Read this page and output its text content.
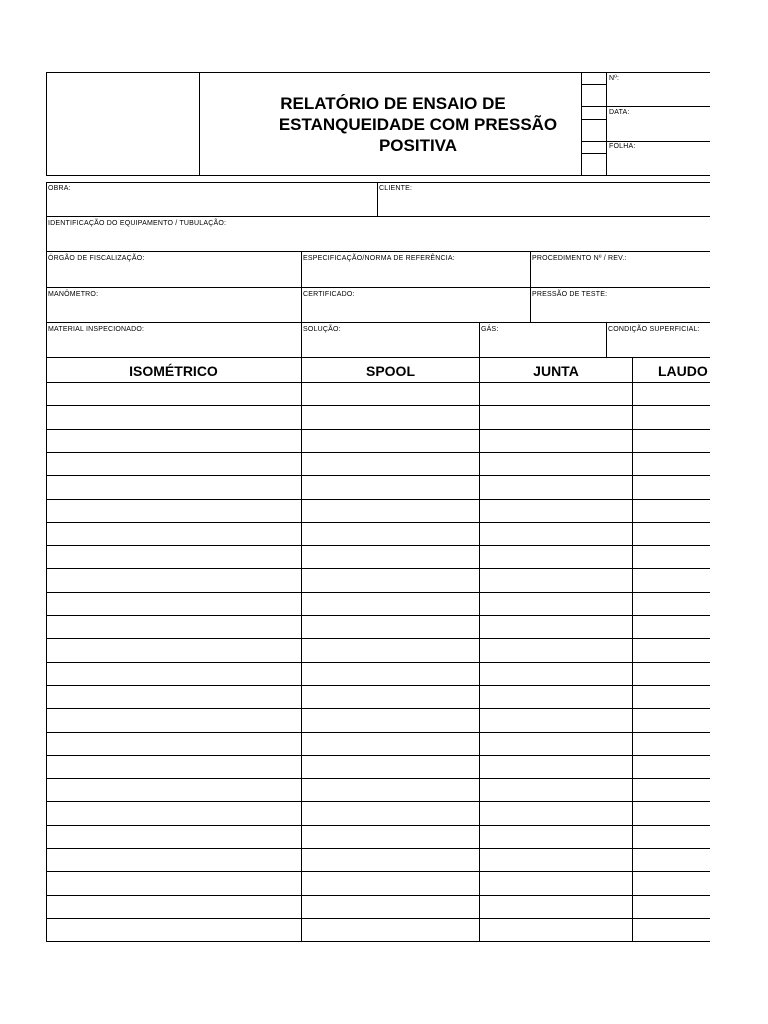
RELATÓRIO DE ENSAIO DE
ESTANQUEIDADE COM PRESSÃO
POSITIVA
Nº:
DATA:
FOLHA:
OBRA:	CLIENTE:
IDENTIFICAÇÃO DO EQUIPAMENTO / TUBULAÇÃO:
ÓRGÃO DE FISCALIZAÇÃO:	ESPECIFICAÇÃO/NORMA DE REFERÊNCIA:	PROCEDIMENTO Nº / REV.:
MANÔMETRO:	CERTIFICADO:	PRESSÃO DE TESTE:
MATERIAL INSPECIONADO:	SOLUÇÃO:	GÁS:	CONDIÇÃO SUPERFICIAL:
ISOMÉTRICO	SPOOL	JUNTA	LAUDO
